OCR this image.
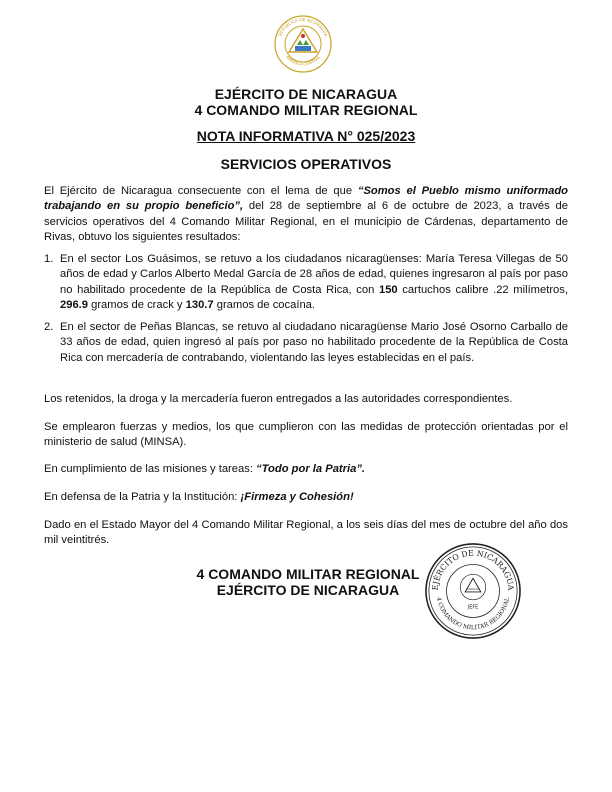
REPÚBLICA DE NICARAGUA
AMÉRICA CENTRAL
EJÉRCITO DE NICARAGUA
4 COMANDO MILITAR REGIONAL
NOTA INFORMATIVA N° 025/2023
SERVICIOS OPERATIVOS
El Ejército de Nicaragua consecuente con el lema de que “Somos el Pueblo mismo uniformado trabajando en su propio beneficio”, del 28 de septiembre al 6 de octubre de 2023, a través de servicios operativos del 4 Comando Militar Regional, en el municipio de Cárdenas, departamento de Rivas, obtuvo los siguientes resultados:
1. En el sector Los Guásimos, se retuvo a los ciudadanos nicaragüenses: María Teresa Villegas de 50 años de edad y Carlos Alberto Medal García de 28 años de edad, quienes ingresaron al país por paso no habilitado procedente de la República de Costa Rica, con 150 cartuchos calibre .22 milímetros, 296.9 gramos de crack y 130.7 gramos de cocaína.
2. En el sector de Peñas Blancas, se retuvo al ciudadano nicaragüense Mario José Osorno Carballo de 33 años de edad, quien ingresó al país por paso no habilitado procedente de la República de Costa Rica con mercadería de contrabando, violentando las leyes establecidas en el país.
Los retenidos, la droga y la mercadería fueron entregados a las autoridades correspondientes.
Se emplearon fuerzas y medios, los que cumplieron con las medidas de protección orientadas por el ministerio de salud (MINSA).
En cumplimiento de las misiones y tareas: “Todo por la Patria”.
En defensa de la Patria y la Institución: ¡Firmeza y Cohesión!
Dado en el Estado Mayor del 4 Comando Militar Regional, a los seis días del mes de octubre del año dos mil veintitrés.
4 COMANDO MILITAR REGIONAL
EJÉRCITO DE NICARAGUA	EJÉRCITO DE NICARAGUA
4 COMANDO MILITAR REGIONAL
JEFE
